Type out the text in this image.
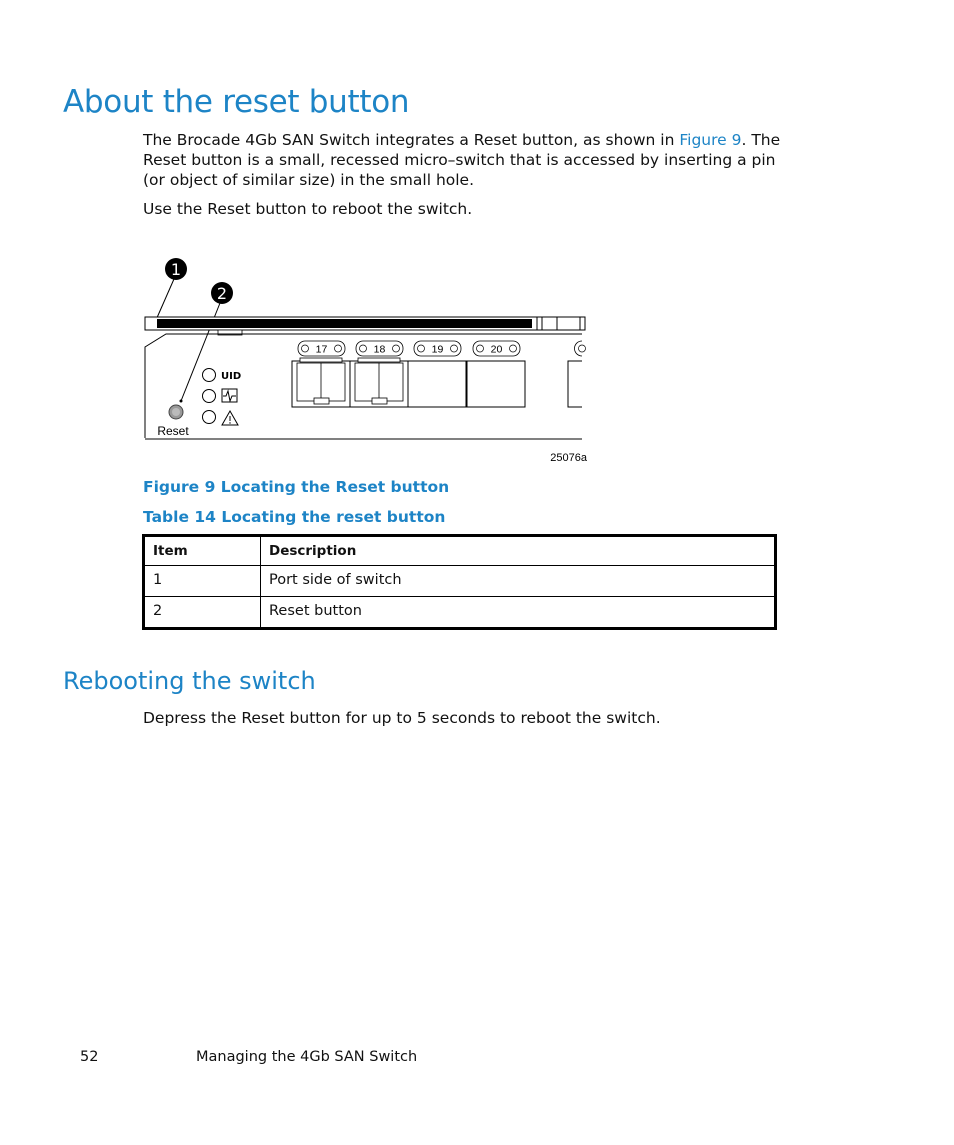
About the reset button

The Brocade 4Gb SAN Switch integrates a Reset button, as shown in Figure 9. The Reset button is a small, recessed micro–switch that is accessed by inserting a pin (or object of similar size) in the small hole.

Use the Reset button to reboot the switch.

1
2
UID
Reset
17	18	19	20
25076a

Figure 9 Locating the Reset button

Table 14 Locating the reset button

Item	Description
1	Port side of switch
2	Reset button
Rebooting the switch

Depress the Reset button for up to 5 seconds to reboot the switch.

52	Managing the 4Gb SAN Switch
